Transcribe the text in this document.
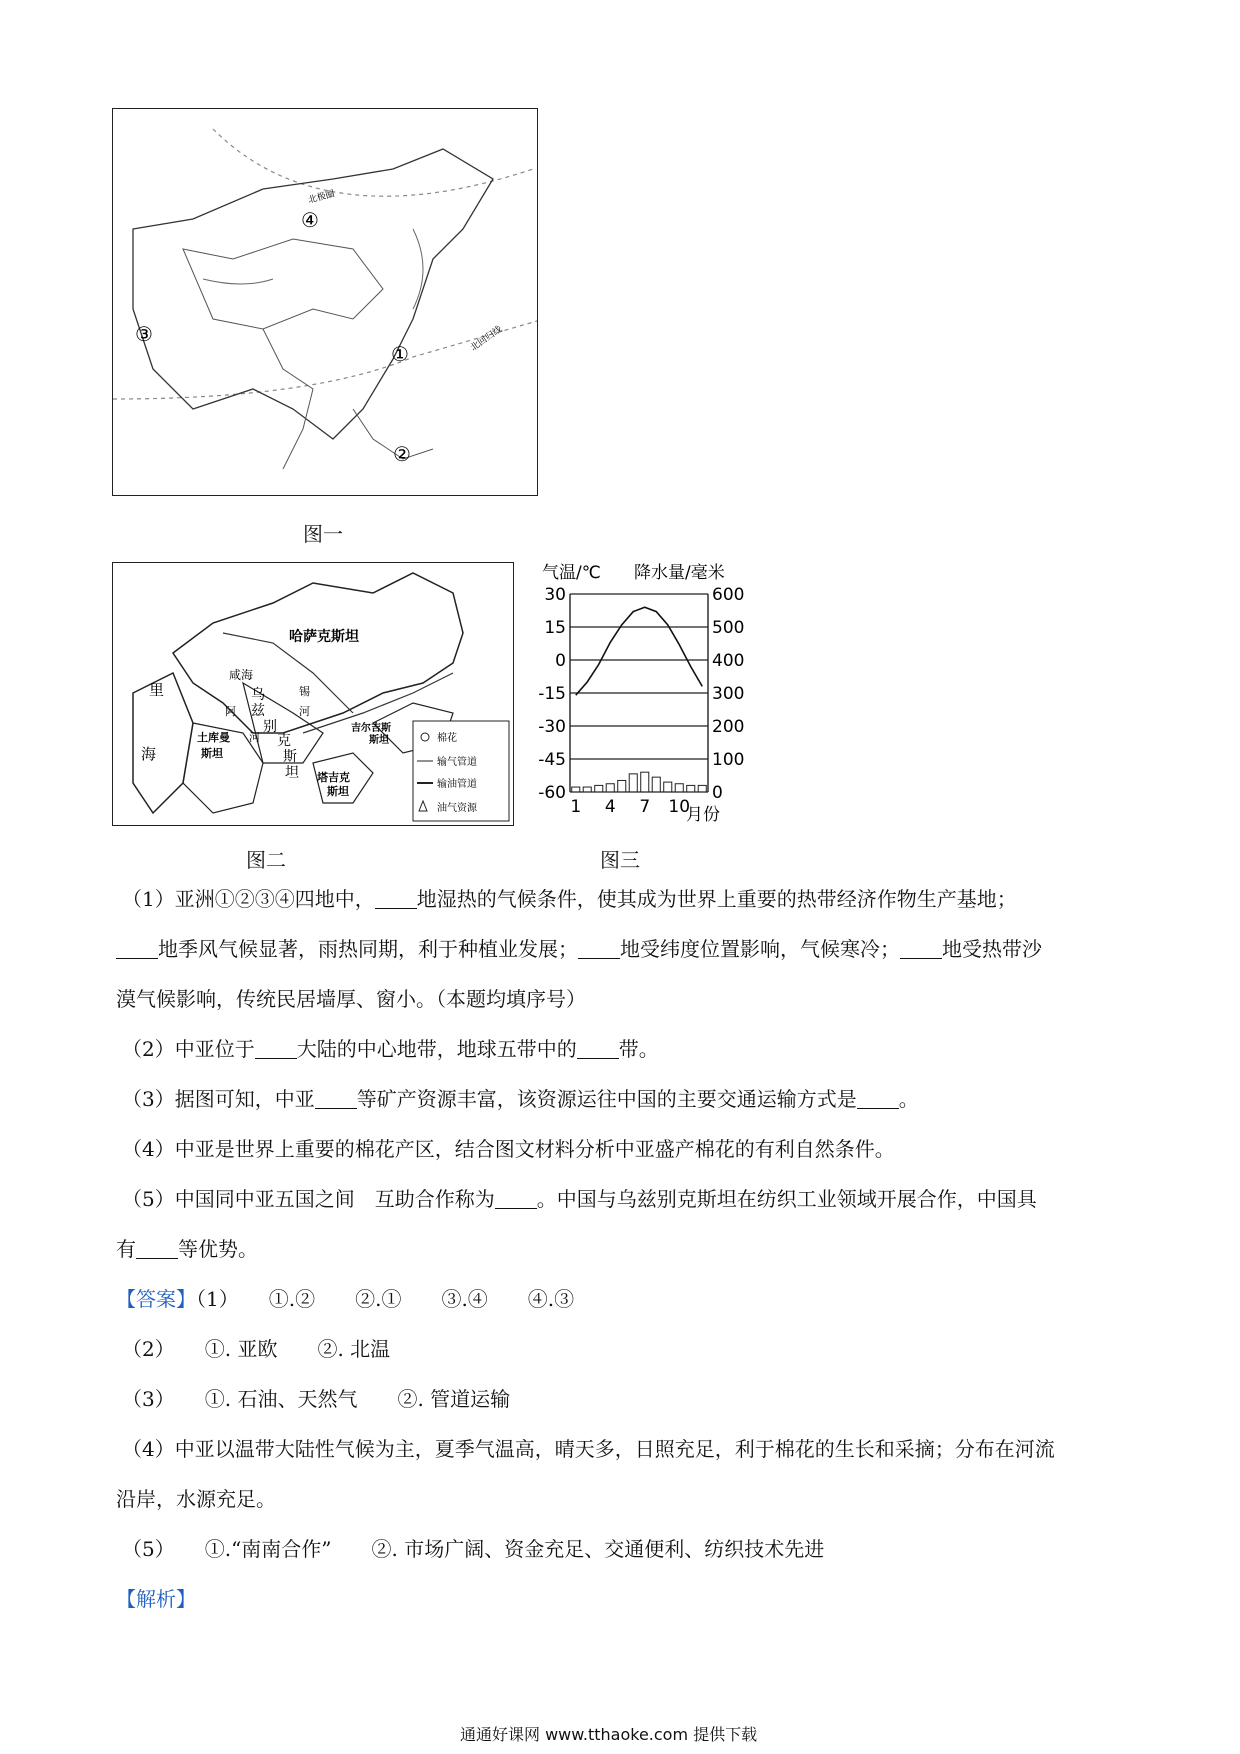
④
③
①
②
北极圈
北回归线
图一
哈萨克斯坦
里
海
咸 海
阿
河
锡
河
乌
兹
别
克
斯
坦
土库曼
斯坦
吉尔吉斯
斯坦
塔吉克
斯坦
棉花
输气管道
输油管道
油气资源
图二
气温/℃ 降水量/毫米
30
15
0
-15
-30
-45
-60
600
500
400
300
200
100
0
1 4 7 10
月份
图三
（1）亚洲①②③④四地中， 地湿热的气候条件，使其成为世界上重要的热带经济作物生产基地；
地季风气候显著，雨热同期，利于种植业发展； 地受纬度位置影响，气候寒冷； 地受热带沙
漠气候影响，传统民居墙厚、窗小。（本题均填序号）
（2）中亚位于 大陆的中心地带，地球五带中的 带。
（3）据图可知，中亚 等矿产资源丰富，该资源运往中国的主要交通运输方式是 。
（4）中亚是世界上重要的棉花产区，结合图文材料分析中亚盛产棉花的有利自然条件。
（5）中国同中亚五国之间　互助合作称为 。中国与乌兹别克斯坦在纺织工业领域开展合作，中国具
有 等优势。
【答案】（1）　　①.②　　②.①　　③.④　　④.③
（2）　　①. 亚欧　　②. 北温
（3）　　①. 石油、天然气　　②. 管道运输
（4）中亚以温带大陆性气候为主，夏季气温高，晴天多，日照充足，利于棉花的生长和采摘；分布在河流
沿岸，水源充足。
（5）　　①.“南南合作”　　②. 市场广阔、资金充足、交通便利、纺织技术先进
【解析】
通通好课网 www.tthaoke.com 提供下载
